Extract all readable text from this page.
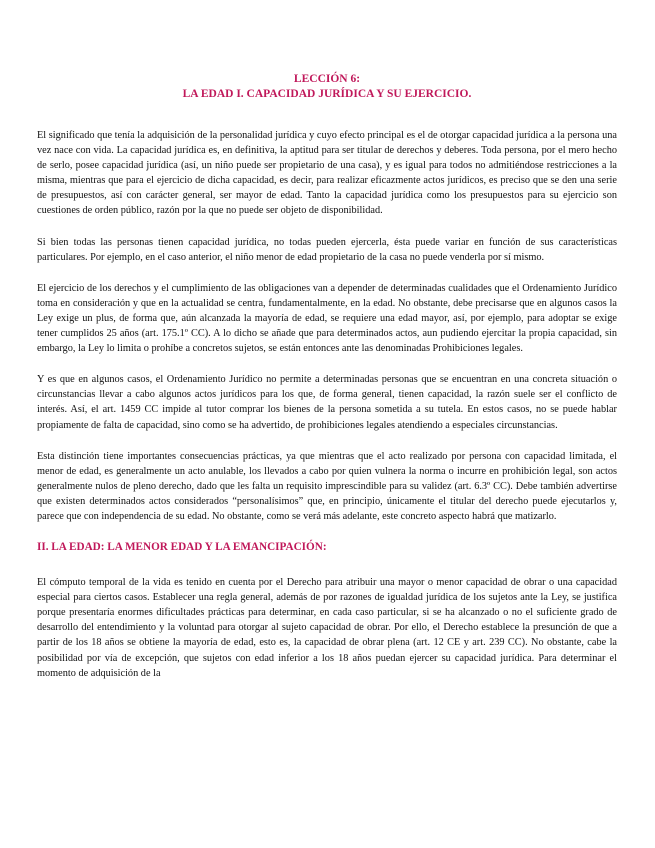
LECCIÓN 6:
LA EDAD I. CAPACIDAD JURÍDICA Y SU EJERCICIO.

El significado que tenía la adquisición de la personalidad jurídica y cuyo efecto principal es el de otorgar capacidad jurídica a la persona una vez nace con vida. La capacidad jurídica es, en definitiva, la aptitud para ser titular de derechos y deberes. Toda persona, por el mero hecho de serlo, posee capacidad jurídica (así, un niño puede ser propietario de una casa), y es igual para todos no admitiéndose restricciones a la misma, mientras que para el ejercicio de dicha capacidad, es decir, para realizar eficazmente actos jurídicos, es preciso que se den una serie de presupuestos, así con carácter general, ser mayor de edad. Tanto la capacidad jurídica como los presupuestos para su ejercicio son cuestiones de orden público, razón por la que no puede ser objeto de disponibilidad.

Si bien todas las personas tienen capacidad jurídica, no todas pueden ejercerla, ésta puede variar en función de sus características particulares. Por ejemplo, en el caso anterior, el niño menor de edad propietario de la casa no puede venderla por sí mismo.

El ejercicio de los derechos y el cumplimiento de las obligaciones van a depender de determinadas cualidades que el Ordenamiento Jurídico toma en consideración y que en la actualidad se centra, fundamentalmente, en la edad. No obstante, debe precisarse que en algunos casos la Ley exige un plus, de forma que, aún alcanzada la mayoría de edad, se requiere una edad mayor, así, por ejemplo, para adoptar se exige tener cumplidos 25 años (art. 175.1º CC). A lo dicho se añade que para determinados actos, aun pudiendo ejercitar la propia capacidad, sin embargo, la Ley lo limita o prohíbe a concretos sujetos, se están entonces ante las denominadas Prohibiciones legales.

Y es que en algunos casos, el Ordenamiento Jurídico no permite a determinadas personas que se encuentran en una concreta situación o circunstancias llevar a cabo algunos actos jurídicos para los que, de forma general, tienen capacidad, la razón suele ser el conflicto de interés. Así, el art. 1459 CC impide al tutor comprar los bienes de la persona sometida a su tutela. En estos casos, no se puede hablar propiamente de falta de capacidad, sino como se ha advertido, de prohibiciones legales atendiendo a especiales circunstancias.

Esta distinción tiene importantes consecuencias prácticas, ya que mientras que el acto realizado por persona con capacidad limitada, el menor de edad, es generalmente un acto anulable, los llevados a cabo por quien vulnera la norma o incurre en prohibición legal, son actos generalmente nulos de pleno derecho, dado que les falta un requisito imprescindible para su validez (art. 6.3º CC). Debe también advertirse que existen determinados actos considerados “personalísimos” que, en principio, únicamente el titular del derecho puede ejecutarlos y, parece que con independencia de su edad. No obstante, como se verá más adelante, este concreto aspecto habrá que matizarlo.

II. LA EDAD: LA MENOR EDAD Y LA EMANCIPACIÓN:

El cómputo temporal de la vida es tenido en cuenta por el Derecho para atribuir una mayor o menor capacidad de obrar o una capacidad especial para ciertos casos. Establecer una regla general, además de por razones de igualdad jurídica de los sujetos ante la Ley, se justifica porque presentaría enormes dificultades prácticas para determinar, en cada caso particular, si se ha alcanzado o no el suficiente grado de desarrollo del entendimiento y la voluntad para otorgar al sujeto capacidad de obrar. Por ello, el Derecho establece la presunción de que a partir de los 18 años se obtiene la mayoría de edad, esto es, la capacidad de obrar plena (art. 12 CE y art. 239 CC). No obstante, cabe la posibilidad por vía de excepción, que sujetos con edad inferior a los 18 años puedan ejercer su capacidad jurídica. Para determinar el momento de adquisición de la
